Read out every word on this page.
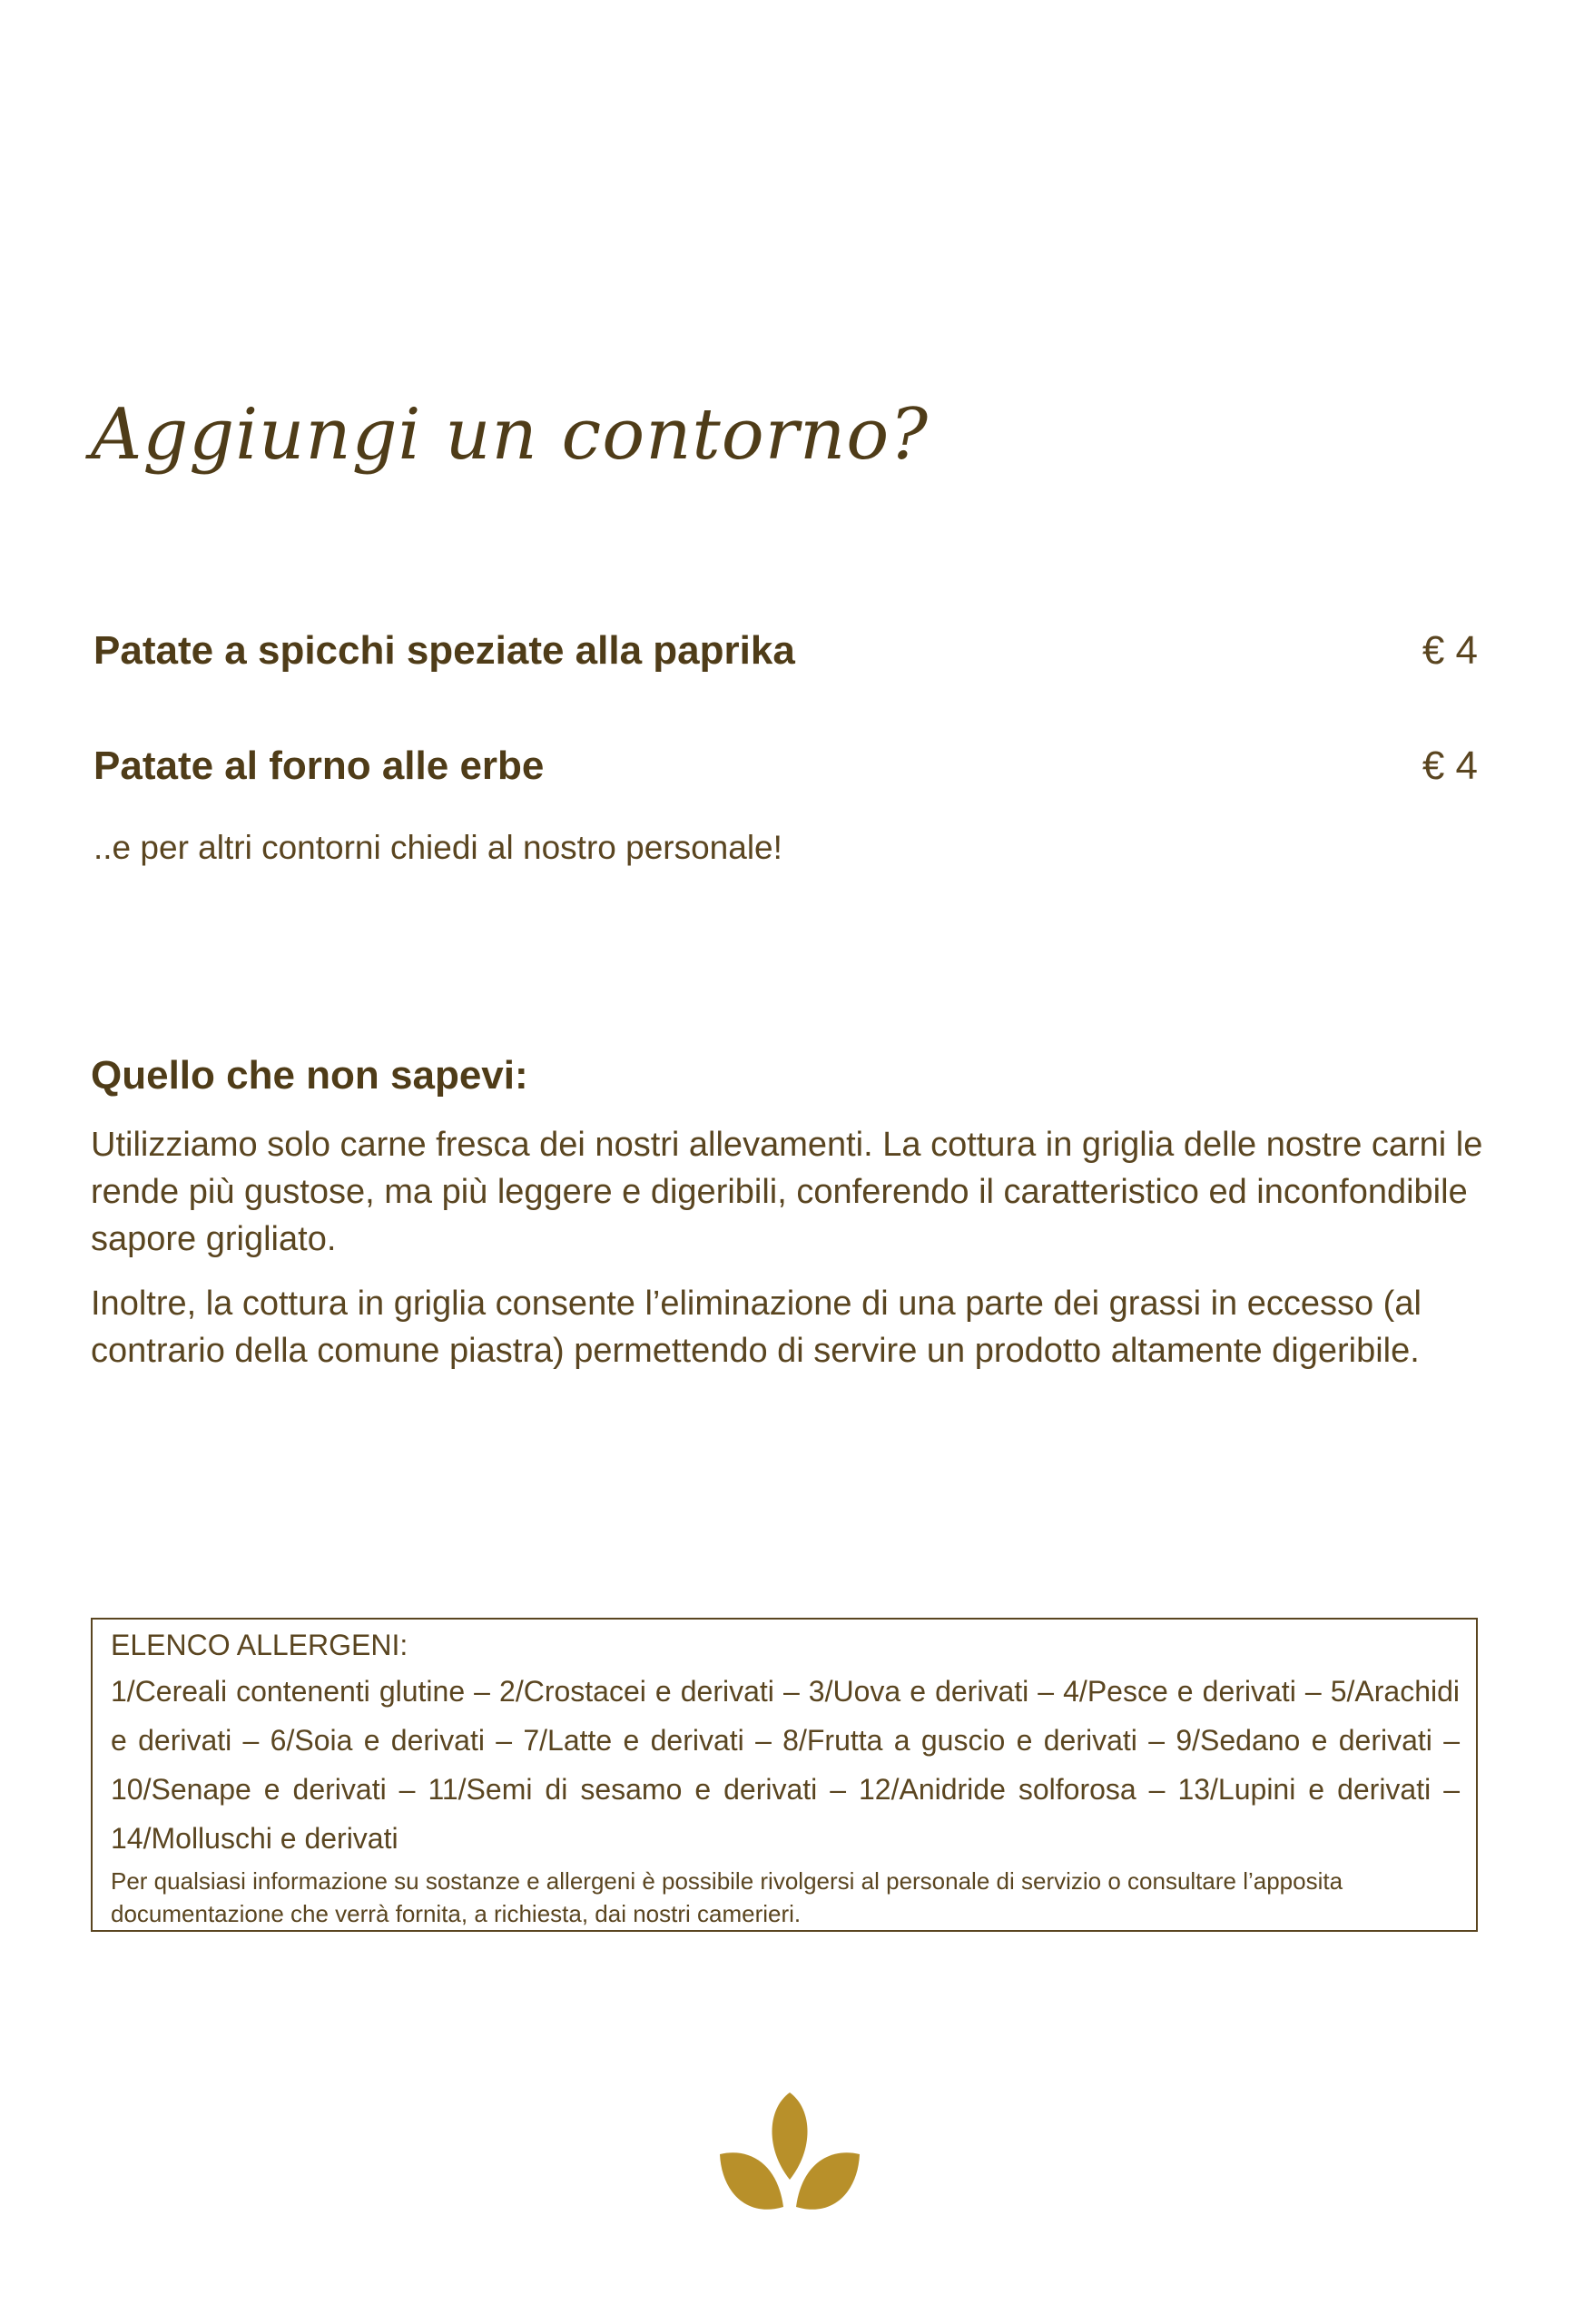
Aggiungi un contorno?
Patate a spicchi speziate alla paprika	€ 4
Patate al forno alle erbe	€ 4
..e per altri contorni chiedi al nostro personale!
Quello che non sapevi:
Utilizziamo solo carne fresca dei nostri allevamenti. La cottura in griglia delle nostre carni le rende più gustose, ma più leggere e digeribili, conferendo il caratteristico ed inconfondibile sapore grigliato.
Inoltre, la cottura in griglia consente l’eliminazione di una parte dei grassi in eccesso (al contrario della comune piastra) permettendo di servire un prodotto altamente digeribile.
ELENCO ALLERGENI:
1/Cereali contenenti glutine – 2/Crostacei e derivati – 3/Uova e derivati – 4/Pesce e derivati – 5/Arachidi e derivati – 6/Soia e derivati – 7/Latte e derivati – 8/Frutta a guscio e derivati – 9/Sedano e derivati – 10/Senape e derivati – 11/Semi di sesamo e derivati – 12/Anidride solforosa – 13/Lupini e derivati – 14/Molluschi e derivati
Per qualsiasi informazione su sostanze e allergeni è possibile rivolgersi al personale di servizio o consultare l’apposita documentazione che verrà fornita, a richiesta, dai nostri camerieri.
